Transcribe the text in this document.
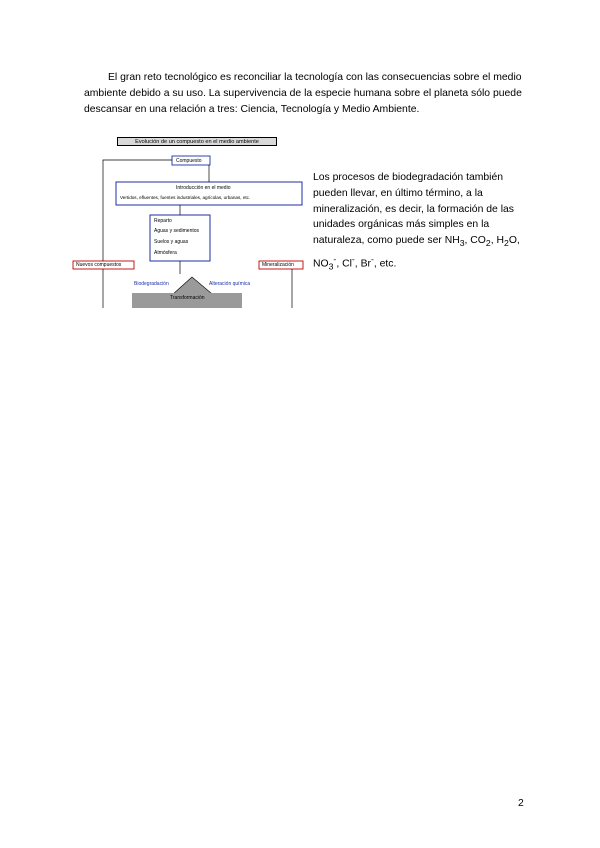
El gran reto tecnológico es reconciliar la tecnología con las consecuencias sobre el medio ambiente debido a su uso. La supervivencia de la especie humana sobre el planeta sólo puede descansar en una relación a tres: Ciencia, Tecnología y Medio Ambiente.

Evolución de un compuesto en el medio ambiente
Compuesto
Introducción en el medio
Vertidos, efluentes, fuentes industriales, agrícolas, urbanas, etc.
Reparto
Aguas y sedimentos
Suelos y aguas
Atmósfera
Nuevos compuestos	Mineralización
Biodegradación	Alteración química
Transformación

Los procesos de biodegradación también pueden llevar, en último término, a la mineralización, es decir, la formación de las unidades orgánicas más simples en la naturaleza, como puede ser $NH_3$, $CO_2$, $H_2O$, $NO_3^-$, Cl-, Br-, etc.

2
